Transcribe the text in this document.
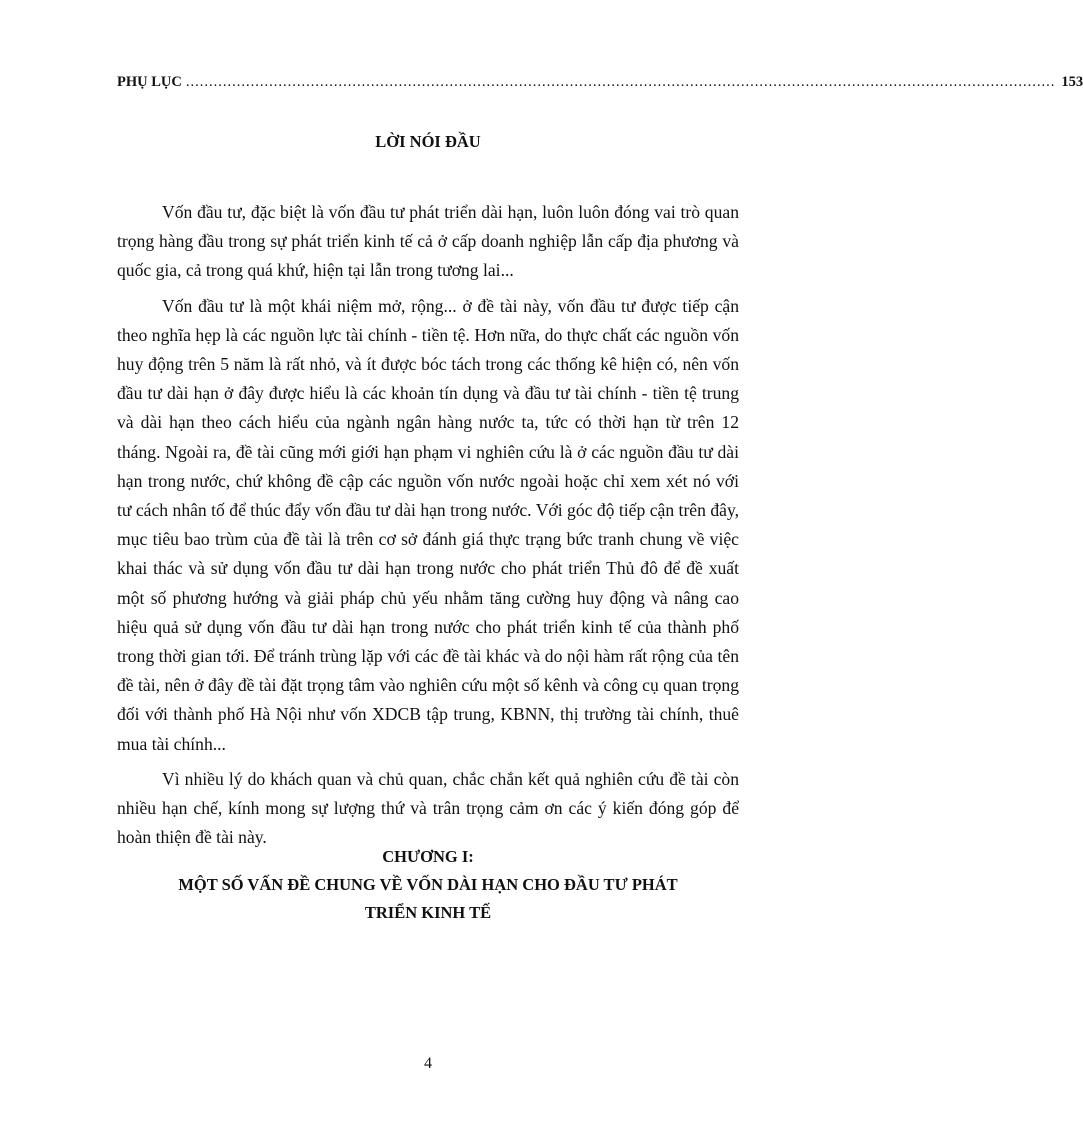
PHỤ LỤC ............................................................................................................................................................................................ 153
LỜI NÓI ĐẦU

Vốn đầu tư, đặc biệt là vốn đầu tư phát triển dài hạn, luôn luôn đóng vai trò quan trọng hàng đầu trong sự phát triển kinh tế cả ở cấp doanh nghiệp lẫn cấp địa phương và quốc gia, cả trong quá khứ, hiện tại lẫn trong tương lai...

Vốn đầu tư là một khái niệm mở, rộng... ở đề tài này, vốn đầu tư được tiếp cận theo nghĩa hẹp là các nguồn lực tài chính - tiền tệ. Hơn nữa, do thực chất các nguồn vốn huy động trên 5 năm là rất nhỏ, và ít được bóc tách trong các thống kê hiện có, nên vốn đầu tư dài hạn ở đây được hiểu là các khoản tín dụng và đầu tư tài chính - tiền tệ trung và dài hạn theo cách hiểu của ngành ngân hàng nước ta, tức có thời hạn từ trên 12 tháng. Ngoài ra, đề tài cũng mới giới hạn phạm vi nghiên cứu là ở các nguồn đầu tư dài hạn trong nước, chứ không đề cập các nguồn vốn nước ngoài hoặc chỉ xem xét nó với tư cách nhân tố để thúc đẩy vốn đầu tư dài hạn trong nước. Với góc độ tiếp cận trên đây, mục tiêu bao trùm của đề tài là trên cơ sở đánh giá thực trạng bức tranh chung về việc khai thác và sử dụng vốn đầu tư dài hạn trong nước cho phát triển Thủ đô để đề xuất một số phương hướng và giải pháp chủ yếu nhằm tăng cường huy động và nâng cao hiệu quả sử dụng vốn đầu tư dài hạn trong nước cho phát triển kinh tế của thành phố trong thời gian tới. Để tránh trùng lặp với các đề tài khác và do nội hàm rất rộng của tên đề tài, nên ở đây đề tài đặt trọng tâm vào nghiên cứu một số kênh và công cụ quan trọng đối với thành phố Hà Nội như vốn XDCB tập trung, KBNN, thị trường tài chính, thuê mua tài chính...

Vì nhiều lý do khách quan và chủ quan, chắc chắn kết quả nghiên cứu đề tài còn nhiều hạn chế, kính mong sự lượng thứ và trân trọng cảm ơn các ý kiến đóng góp để hoàn thiện đề tài này.

CHƯƠNG I:
MỘT SỐ VẤN ĐỀ CHUNG VỀ VỐN DÀI HẠN CHO ĐẦU TƯ PHÁT
TRIỂN KINH TẾ
4
